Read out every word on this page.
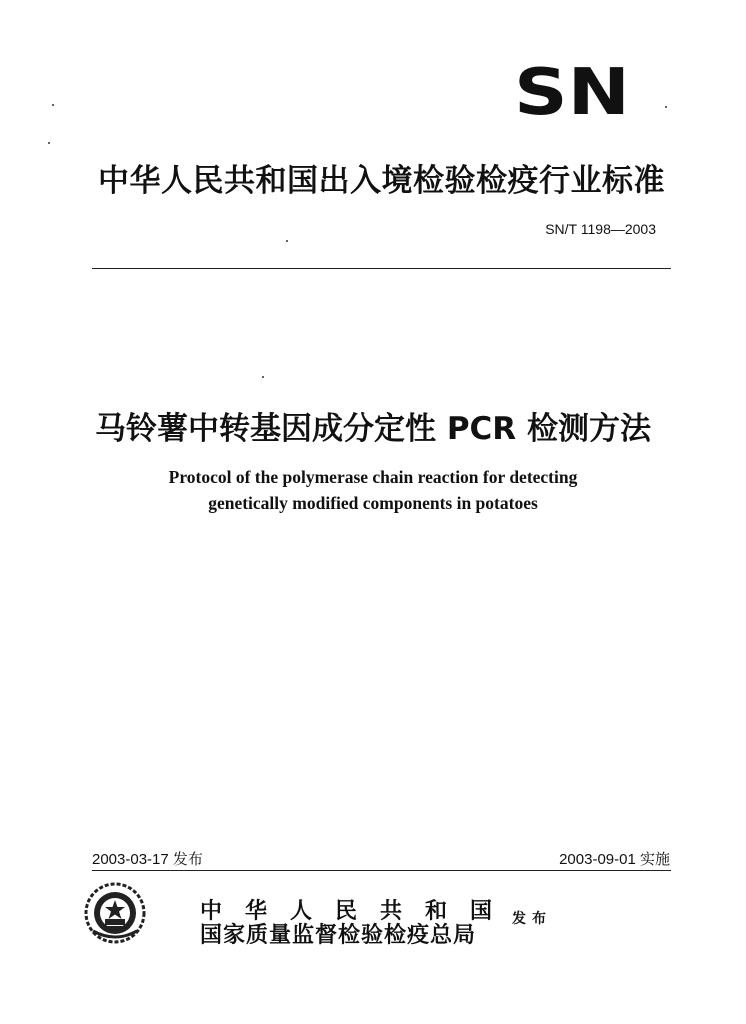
SN
中华人民共和国出入境检验检疫行业标准
SN/T 1198—2003
马铃薯中转基因成分定性 PCR 检测方法
Protocol of the polymerase chain reaction for detecting
genetically modified components in potatoes
2003-03-17 发布	2003-09-01 实施
中华人民共和国
国家质量监督检验检疫总局
发布
